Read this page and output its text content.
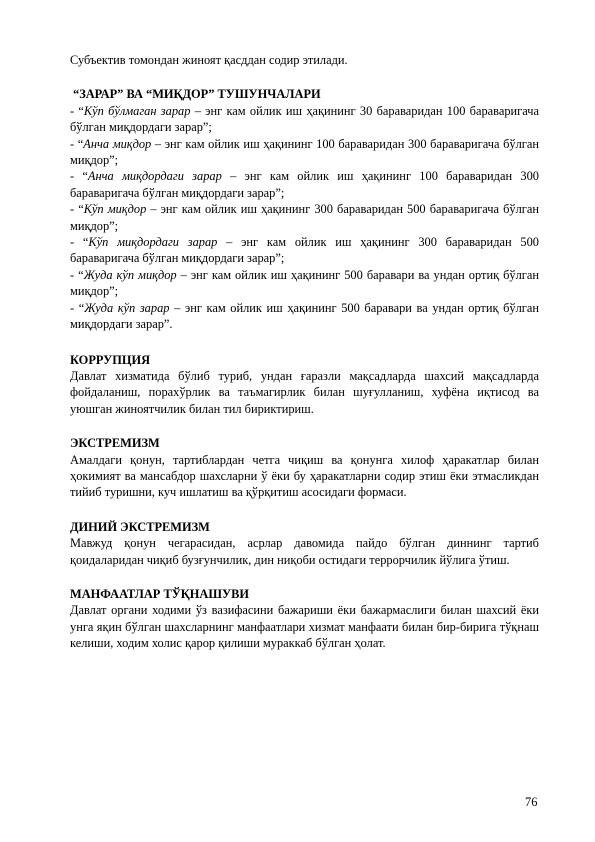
Субъектив томондан жиноят қасддан содир этилади.

“ЗАРАР” ВА “МИҚДОР” ТУШУНЧАЛАРИ

- “Кўп бўлмаган зарар – энг кам ойлик иш ҳақининг 30 бараваридан 100 бараваригача бўлган миқдордаги зарар”;

- “Анча миқдор – энг кам ойлик иш ҳақининг 100 бараваридан 300 бараваригача бўлган миқдор”;

- “Анча миқдордаги зарар – энг кам ойлик иш ҳақининг 100 бараваридан 300 бараваригача бўлган миқдордаги зарар”;

- “Кўп миқдор – энг кам ойлик иш ҳақининг 300 бараваридан 500 бараваригача бўлган миқдор”;

- “Кўп миқдордаги зарар – энг кам ойлик иш ҳақининг 300 бараваридан 500 бараваригача бўлган миқдордаги зарар”;

- “Жуда кўп миқдор – энг кам ойлик иш ҳақининг 500 баравари ва ундан ортиқ бўлган миқдор”;

- “Жуда кўп зарар – энг кам ойлик иш ҳақининг 500 баравари ва ундан ортиқ бўлган миқдордаги зарар”.

КОРРУПЦИЯ

Давлат хизматида бўлиб туриб, ундан ғаразли мақсадларда шахсий мақсадларда фойдаланиш, порахўрлик ва таъмагирлик билан шуғулланиш, хуфёна иқтисод ва уюшган жиноятчилик билан тил бириктириш.

ЭКСТРЕМИЗМ

Амалдаги қонун, тартиблардан четга чиқиш ва қонунга хилоф ҳаракатлар билан ҳокимият ва мансабдор шахсларни ў ёки бу ҳаракатларни содир этиш ёки этмасликдан тийиб туришни, куч ишлатиш ва қўрқитиш асосидаги формаси.

ДИНИЙ ЭКСТРЕМИЗМ

Мавжуд қонун чегарасидан, асрлар давомида пайдо бўлган диннинг тартиб қоидаларидан чиқиб бузғунчилик, дин ниқоби остидаги террорчилик йўлига ўтиш.

МАНФААТЛАР ТЎҚНАШУВИ

Давлат органи ходими ўз вазифасини бажариши ёки бажармаслиги билан шахсий ёки унга яқин бўлган шахсларнинг манфаатлари хизмат манфаати билан бир-бирига тўқнаш келиши, ходим холис қарор қилиши мураккаб бўлган ҳолат.

76
